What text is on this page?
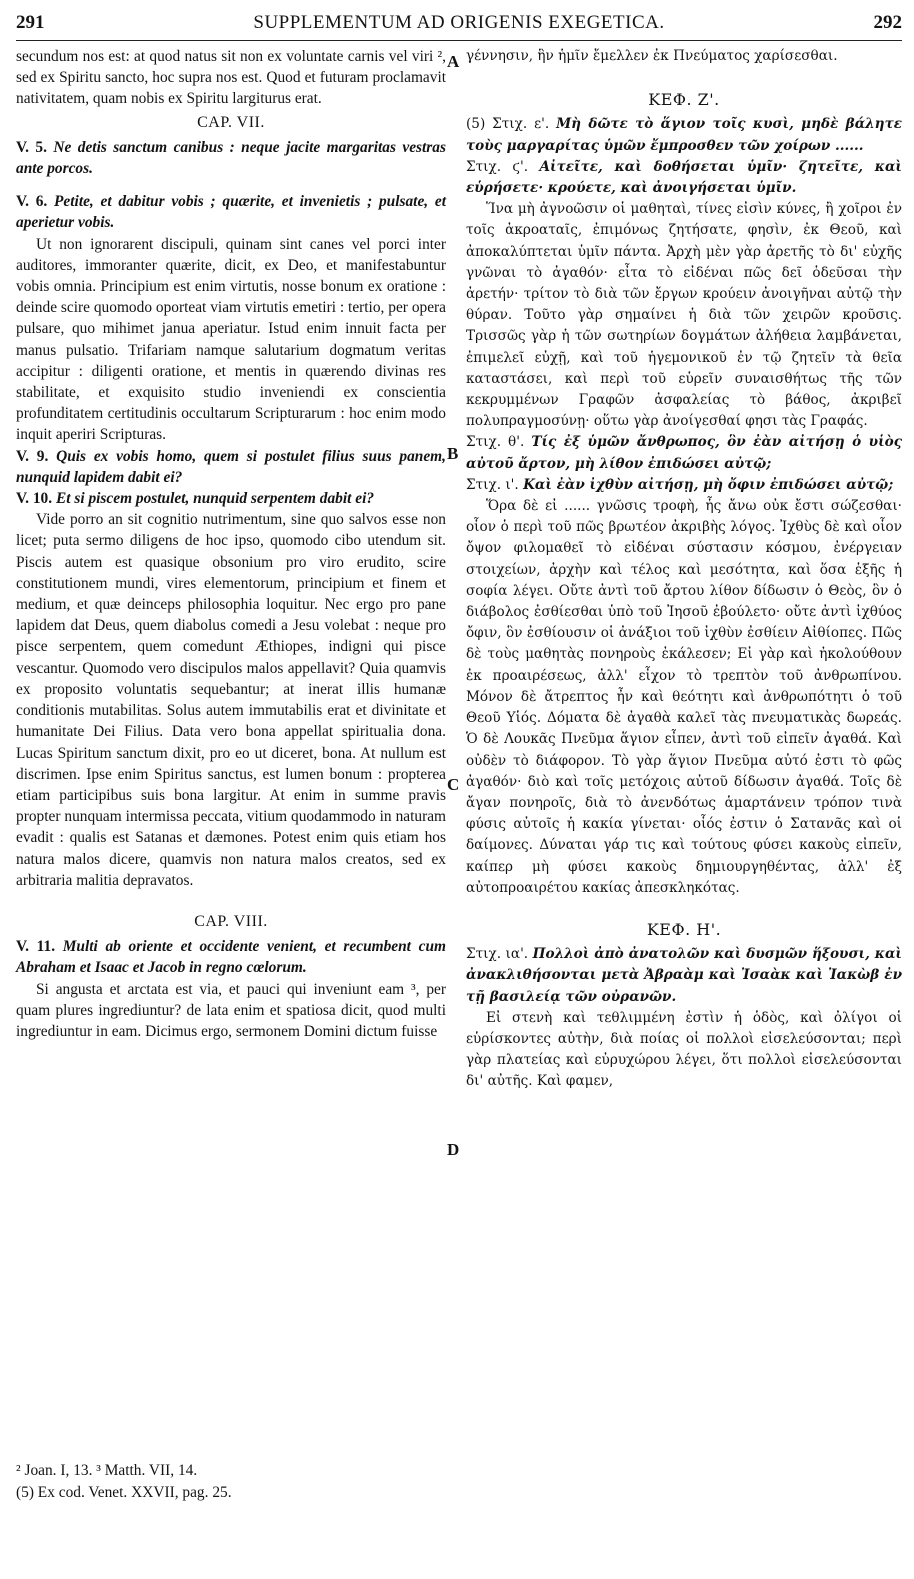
291	SUPPLEMENTUM AD ORIGENIS EXEGETICA.	292
A
B
C
D

secundum nos est: at quod natus sit non ex voluntate carnis vel viri ², sed ex Spiritu sancto, hoc supra nos est. Quod et futuram proclamavit nativitatem, quam nobis ex Spiritu largiturus erat.

CAP. VII.

V. 5. Ne detis sanctum canibus : neque jacite margaritas vestras ante porcos.

V. 6. Petite, et dabitur vobis ; quærite, et invenietis ; pulsate, et aperietur vobis.

Ut non ignorarent discipuli, quinam sint canes vel porci inter auditores, immoranter quærite, dicit, ex Deo, et manifestabuntur vobis omnia. Principium est enim virtutis, nosse bonum ex oratione : deinde scire quomodo oporteat viam virtutis emetiri : tertio, per opera pulsare, quo mihimet janua aperiatur. Istud enim innuit facta per manus pulsatio. Trifariam namque salutarium dogmatum veritas accipitur : diligenti oratione, et mentis in quærendo divinas res stabilitate, et exquisito studio inveniendi ex conscientia profunditatem certitudinis occultarum Scripturarum : hoc enim modo inquit aperiri Scripturas.

V. 9. Quis ex vobis homo, quem si postulet filius suus panem, nunquid lapidem dabit ei?

V. 10. Et si piscem postulet, nunquid serpentem dabit ei?

Vide porro an sit cognitio nutrimentum, sine quo salvos esse non licet; puta sermo diligens de hoc ipso, quomodo cibo utendum sit. Piscis autem est quasique obsonium pro viro erudito, scire constitutionem mundi, vires elementorum, principium et finem et medium, et quæ deinceps philosophia loquitur. Nec ergo pro pane lapidem dat Deus, quem diabolus comedi a Jesu volebat : neque pro pisce serpentem, quem comedunt Æthiopes, indigni qui pisce vescantur. Quomodo vero discipulos malos appellavit? Quia quamvis ex proposito voluntatis sequebantur; at inerat illis humanæ conditionis mutabilitas. Solus autem immutabilis erat et divinitate et humanitate Dei Filius. Data vero bona appellat spiritualia dona. Lucas Spiritum sanctum dixit, pro eo ut diceret, bona. At nullum est discrimen. Ipse enim Spiritus sanctus, est lumen bonum : propterea etiam participibus suis bona largitur. At enim in summe pravis propter nunquam intermissa peccata, vitium quodammodo in naturam evadit : qualis est Satanas et dæmones. Potest enim quis etiam hos natura malos dicere, quamvis non natura malos creatos, sed ex arbitraria malitia depravatos.

CAP. VIII.

V. 11. Multi ab oriente et occidente venient, et recumbent cum Abraham et Isaac et Jacob in regno cœlorum.

Si angusta et arctata est via, et pauci qui inveniunt eam ³, per quam plures ingrediuntur? de lata enim et spatiosa dicit, quod multi ingrediuntur in eam. Dicimus ergo, sermonem Domini dictum fuisse

γέννησιν, ἣν ἡμῖν ἔμελλεν ἐκ Πνεύματος χαρίσεσθαι.

ΚΕΦ. Ζ'.

(5) Στιχ. ε'. Μὴ δῶτε τὸ ἅγιον τοῖς κυσὶ, μηδὲ βάλητε τοὺς μαργαρίτας ὑμῶν ἔμπροσθεν τῶν χοίρων ......

Στιχ. ϛ'. Αἰτεῖτε, καὶ δοθήσεται ὑμῖν· ζητεῖτε, καὶ εὑρήσετε· κρούετε, καὶ ἀνοιγήσεται ὑμῖν.

Ἵνα μὴ ἀγνοῶσιν οἱ μαθηταὶ, τίνες εἰσὶν κύνες, ἢ χοῖροι ἐν τοῖς ἀκροαταῖς, ἐπιμόνως ζητήσατε, φησὶν, ἐκ Θεοῦ, καὶ ἀποκαλύπτεται ὑμῖν πάντα. Ἀρχὴ μὲν γὰρ ἀρετῆς τὸ δι' εὐχῆς γνῶναι τὸ ἀγαθόν· εἶτα τὸ εἰδέναι πῶς δεῖ ὁδεῦσαι τὴν ἀρετήν· τρίτον τὸ διὰ τῶν ἔργων κρούειν ἀνοιγῆναι αὐτῷ τὴν θύραν. Τοῦτο γὰρ σημαίνει ἡ διὰ τῶν χειρῶν κροῦσις. Τρισσῶς γὰρ ἡ τῶν σωτηρίων δογμάτων ἀλήθεια λαμβάνεται, ἐπιμελεῖ εὐχῇ, καὶ τοῦ ἡγεμονικοῦ ἐν τῷ ζητεῖν τὰ θεῖα καταστάσει, καὶ περὶ τοῦ εὑρεῖν συναισθήτως τῆς τῶν κεκρυμμένων Γραφῶν ἀσφαλείας τὸ βάθος, ἀκριβεῖ πολυπραγμοσύνῃ· οὕτω γὰρ ἀνοίγεσθαί φησι τὰς Γραφάς.

Στιχ. θ'. Τίς ἐξ ὑμῶν ἄνθρωπος, ὃν ἐὰν αἰτήσῃ ὁ υἱὸς αὐτοῦ ἄρτον, μὴ λίθον ἐπιδώσει αὐτῷ;

Στιχ. ι'. Καὶ ἐὰν ἰχθὺν αἰτήσῃ, μὴ ὄφιν ἐπιδώσει αὐτῷ;

Ὅρα δὲ εἰ ...... γνῶσις τροφὴ, ἧς ἄνω οὐκ ἔστι σώζεσθαι· οἷον ὁ περὶ τοῦ πῶς βρωτέον ἀκριβὴς λόγος. Ἰχθὺς δὲ καὶ οἷον ὄψον φιλομαθεῖ τὸ εἰδέναι σύστασιν κόσμου, ἐνέργειαν στοιχείων, ἀρχὴν καὶ τέλος καὶ μεσότητα, καὶ ὅσα ἑξῆς ἡ σοφία λέγει. Οὔτε ἀντὶ τοῦ ἄρτου λίθον δίδωσιν ὁ Θεὸς, ὃν ὁ διάβολος ἐσθίεσθαι ὑπὸ τοῦ Ἰησοῦ ἐβούλετο· οὔτε ἀντὶ ἰχθύος ὄφιν, ὃν ἐσθίουσιν οἱ ἀνάξιοι τοῦ ἰχθὺν ἐσθίειν Αἰθίοπες. Πῶς δὲ τοὺς μαθητὰς πονηροὺς ἐκάλεσεν; Εἰ γὰρ καὶ ἠκολούθουν ἐκ προαιρέσεως, ἀλλ' εἶχον τὸ τρεπτὸν τοῦ ἀνθρωπίνου. Μόνον δὲ ἄτρεπτος ἦν καὶ θεότητι καὶ ἀνθρωπότητι ὁ τοῦ Θεοῦ Υἱός. Δόματα δὲ ἀγαθὰ καλεῖ τὰς πνευματικὰς δωρεάς. Ὁ δὲ Λουκᾶς Πνεῦμα ἅγιον εἶπεν, ἀντὶ τοῦ εἰπεῖν ἀγαθά. Καὶ οὐδὲν τὸ διάφορον. Τὸ γὰρ ἅγιον Πνεῦμα αὐτό ἐστι τὸ φῶς ἀγαθόν· διὸ καὶ τοῖς μετόχοις αὐτοῦ δίδωσιν ἀγαθά. Τοῖς δὲ ἄγαν πονηροῖς, διὰ τὸ ἀνενδότως ἁμαρτάνειν τρόπον τινὰ φύσις αὐτοῖς ἡ κακία γίνεται· οἷός ἐστιν ὁ Σατανᾶς καὶ οἱ δαίμονες. Δύναται γάρ τις καὶ τούτους φύσει κακοὺς εἰπεῖν, καίπερ μὴ φύσει κακοὺς δημιουργηθέντας, ἀλλ' ἐξ αὐτοπροαιρέτου κακίας ἀπεσκληκότας.

ΚΕΦ. Η'.

Στιχ. ια'. Πολλοὶ ἀπὸ ἀνατολῶν καὶ δυσμῶν ἥξουσι, καὶ ἀνακλιθήσονται μετὰ Ἀβραὰμ καὶ Ἰσαὰκ καὶ Ἰακὼβ ἐν τῇ βασιλείᾳ τῶν οὐρανῶν.

Εἰ στενὴ καὶ τεθλιμμένη ἐστὶν ἡ ὁδὸς, καὶ ὀλίγοι οἱ εὑρίσκοντες αὐτὴν, διὰ ποίας οἱ πολλοὶ εἰσελεύσονται; περὶ γὰρ πλατείας καὶ εὐρυχώρου λέγει, ὅτι πολλοὶ εἰσελεύσονται δι' αὐτῆς. Καὶ φαμεν,

² Joan. I, 13. ³ Matth. VII, 14.
(5) Ex cod. Venet. XXVII, pag. 25.
